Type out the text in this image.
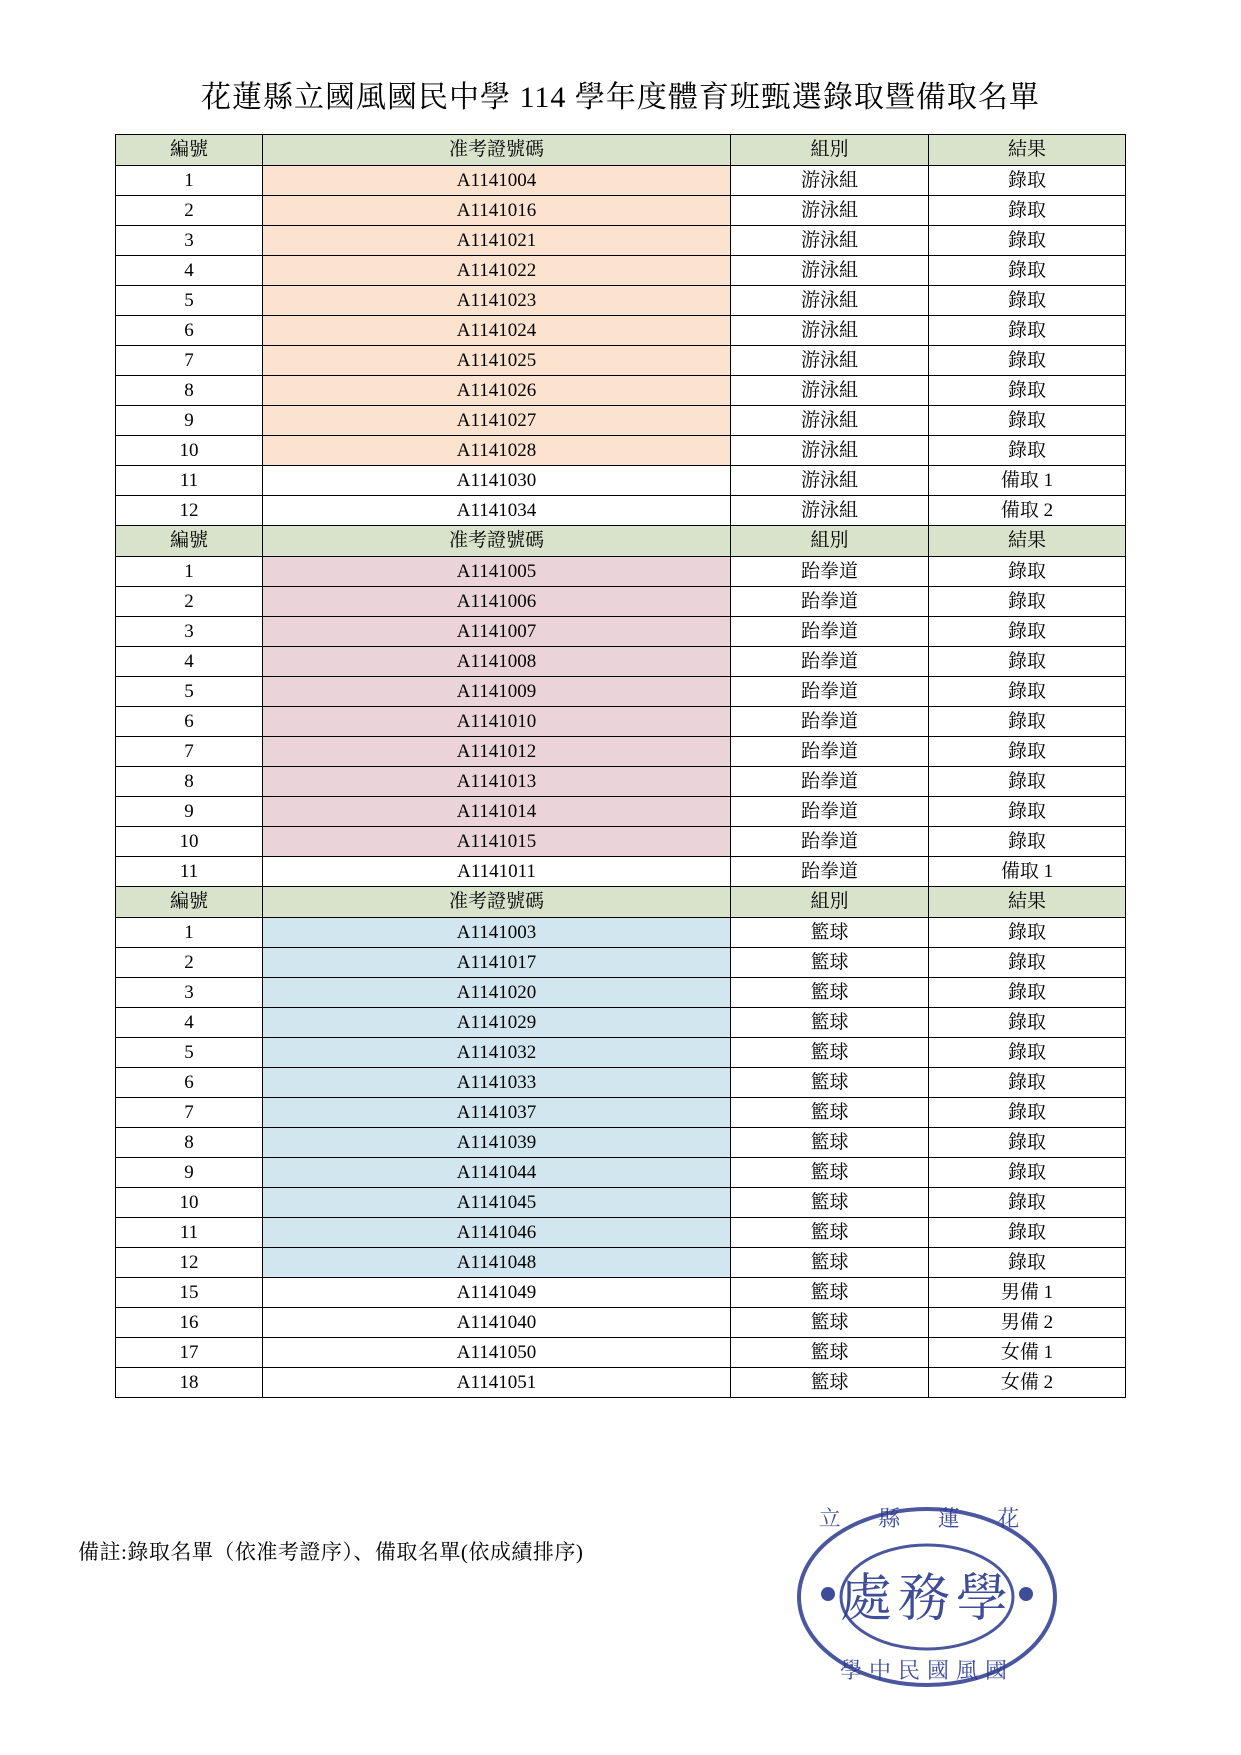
花蓮縣立國風國民中學 114 學年度體育班甄選錄取暨備取名單
編號	准考證號碼	組別	結果
1	A1141004	游泳組	錄取
2	A1141016	游泳組	錄取
3	A1141021	游泳組	錄取
4	A1141022	游泳組	錄取
5	A1141023	游泳組	錄取
6	A1141024	游泳組	錄取
7	A1141025	游泳組	錄取
8	A1141026	游泳組	錄取
9	A1141027	游泳組	錄取
10	A1141028	游泳組	錄取
11	A1141030	游泳組	備取 1
12	A1141034	游泳組	備取 2
編號	准考證號碼	組別	結果
1	A1141005	跆拳道	錄取
2	A1141006	跆拳道	錄取
3	A1141007	跆拳道	錄取
4	A1141008	跆拳道	錄取
5	A1141009	跆拳道	錄取
6	A1141010	跆拳道	錄取
7	A1141012	跆拳道	錄取
8	A1141013	跆拳道	錄取
9	A1141014	跆拳道	錄取
10	A1141015	跆拳道	錄取
11	A1141011	跆拳道	備取 1
編號	准考證號碼	組別	結果
1	A1141003	籃球	錄取
2	A1141017	籃球	錄取
3	A1141020	籃球	錄取
4	A1141029	籃球	錄取
5	A1141032	籃球	錄取
6	A1141033	籃球	錄取
7	A1141037	籃球	錄取
8	A1141039	籃球	錄取
9	A1141044	籃球	錄取
10	A1141045	籃球	錄取
11	A1141046	籃球	錄取
12	A1141048	籃球	錄取
15	A1141049	籃球	男備 1
16	A1141040	籃球	男備 2
17	A1141050	籃球	女備 1
18	A1141051	籃球	女備 2
備註:錄取名單（依准考證序）、備取名單(依成績排序)
處務學
立 縣 蓮 花
學中民國風國
